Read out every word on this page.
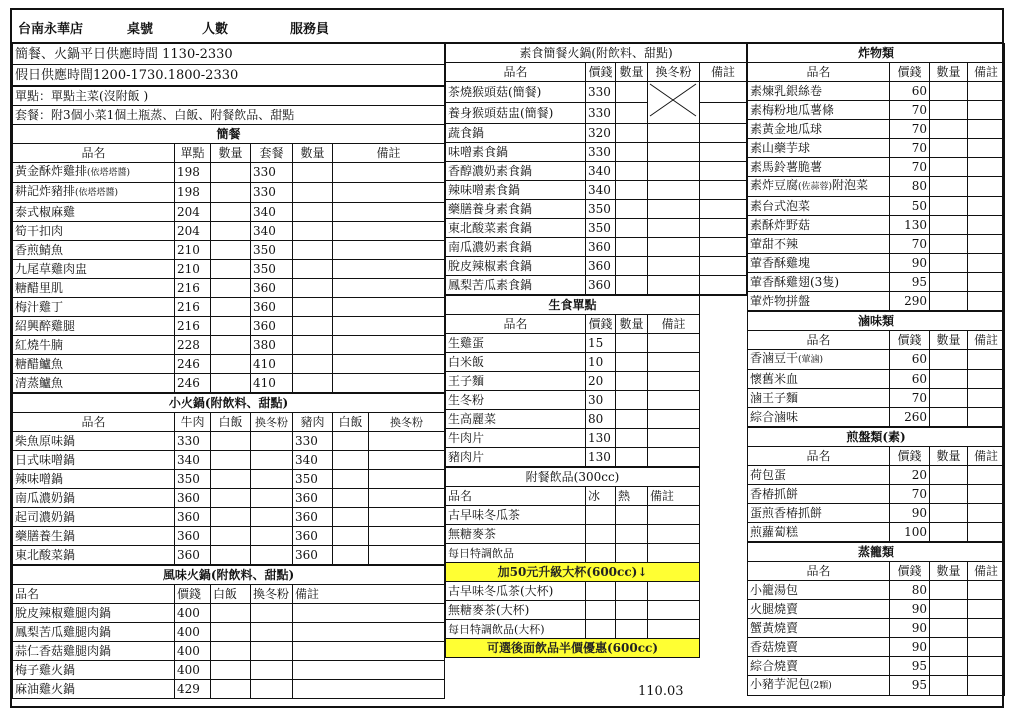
台南永華店	桌號	人數	服務員
簡餐、火鍋平日供應時間 1130-2330						
假日供應時間1200-1730.1800-2330						
單點：單點主菜(沒附飯 )						
套餐：附3個小菜1個土瓶蒸、白飯、附餐飲品、甜點						
簡餐						
品名	單點	數量	套餐	數量	備註	
黃金酥炸雞排(依塔塔醬)	198		330			
耕記炸豬排(依塔塔醬)	198		330			
泰式椒麻雞	204		340			
筍干扣肉	204		340			
香煎鯖魚	210		350			
九尾草雞肉盅	210		350			
糖醋里肌	216		360			
梅汁雞丁	216		360			
紹興醉雞腿	216		360			
紅燒牛腩	228		380			
糖醋鱸魚	246		410			
清蒸鱸魚	246		410			
小火鍋(附飲料、甜點)						
品名	牛肉	白飯	換冬粉	豬肉	白飯	換冬粉
柴魚原味鍋	330			330		
日式味噌鍋	340			340		
辣味噌鍋	350			350		
南瓜濃奶鍋	360			360		
起司濃奶鍋	360			360		
藥膳養生鍋	360			360		
東北酸菜鍋	360			360		
風味火鍋(附飲料、甜點)						
品名	價錢	白飯	換冬粉	備註		
脫皮辣椒雞腿肉鍋	400					
鳳梨苦瓜雞腿肉鍋	400					
蒜仁香菇雞腿肉鍋	400					
梅子雞火鍋	400					
麻油雞火鍋	429					
素食簡餐火鍋(附飲料、甜點)				
品名	價錢	數量	換冬粉	備註
茶燒猴頭菇(簡餐)	330			
養身猴頭菇盅(簡餐)	330			
蔬食鍋	320			
味噌素食鍋	330			
香醇濃奶素食鍋	340			
辣味噌素食鍋	340			
藥膳養身素食鍋	350			
東北酸菜素食鍋	350			
南瓜濃奶素食鍋	360			
脫皮辣椒素食鍋	360			
鳳梨苦瓜素食鍋	360			
生食單點				
品名	價錢	數量	備註	
生雞蛋	15			
白米飯	10			
王子麵	20			
生冬粉	30			
生高麗菜	80			
牛肉片	130			
豬肉片	130			
附餐飲品(300cc)				
品名	冰	熱	備註	
古早味冬瓜茶				
無糖麥茶				
每日特調飲品				
加50元升級大杯(600cc)↓				
古早味冬瓜茶(大杯)				
無糖麥茶(大杯)				
每日特調飲品(大杯)				
可選後面飲品半價優惠(600cc)				
炸物類			
品名	價錢	數量	備註
素煉乳銀絲卷	60		
素梅粉地瓜薯條	70		
素黃金地瓜球	70		
素山藥芋球	70		
素馬鈴薯脆薯	70		
素炸豆腐(佐蒜蓉)附泡菜	80		
素台式泡菜	50		
素酥炸野菇	130		
葷甜不辣	70		
葷香酥雞塊	90		
葷香酥雞翅(3隻)	95		
葷炸物拼盤	290		
滷味類			
品名	價錢	數量	備註
香滷豆干(葷滷)	60		
懷舊米血	60		
滷王子麵	70		
綜合滷味	260		
煎盤類(素)			
品名	價錢	數量	備註
荷包蛋	20		
香椿抓餅	70		
蛋煎香椿抓餅	90		
煎蘿蔔糕	100		
蒸籠類			
品名	價錢	數量	備註
小籠湯包	80		
火腿燒賣	90		
蟹黃燒賣	90		
香菇燒賣	90		
綜合燒賣	95		
小豬芋泥包(2顆)	95		
110.03
